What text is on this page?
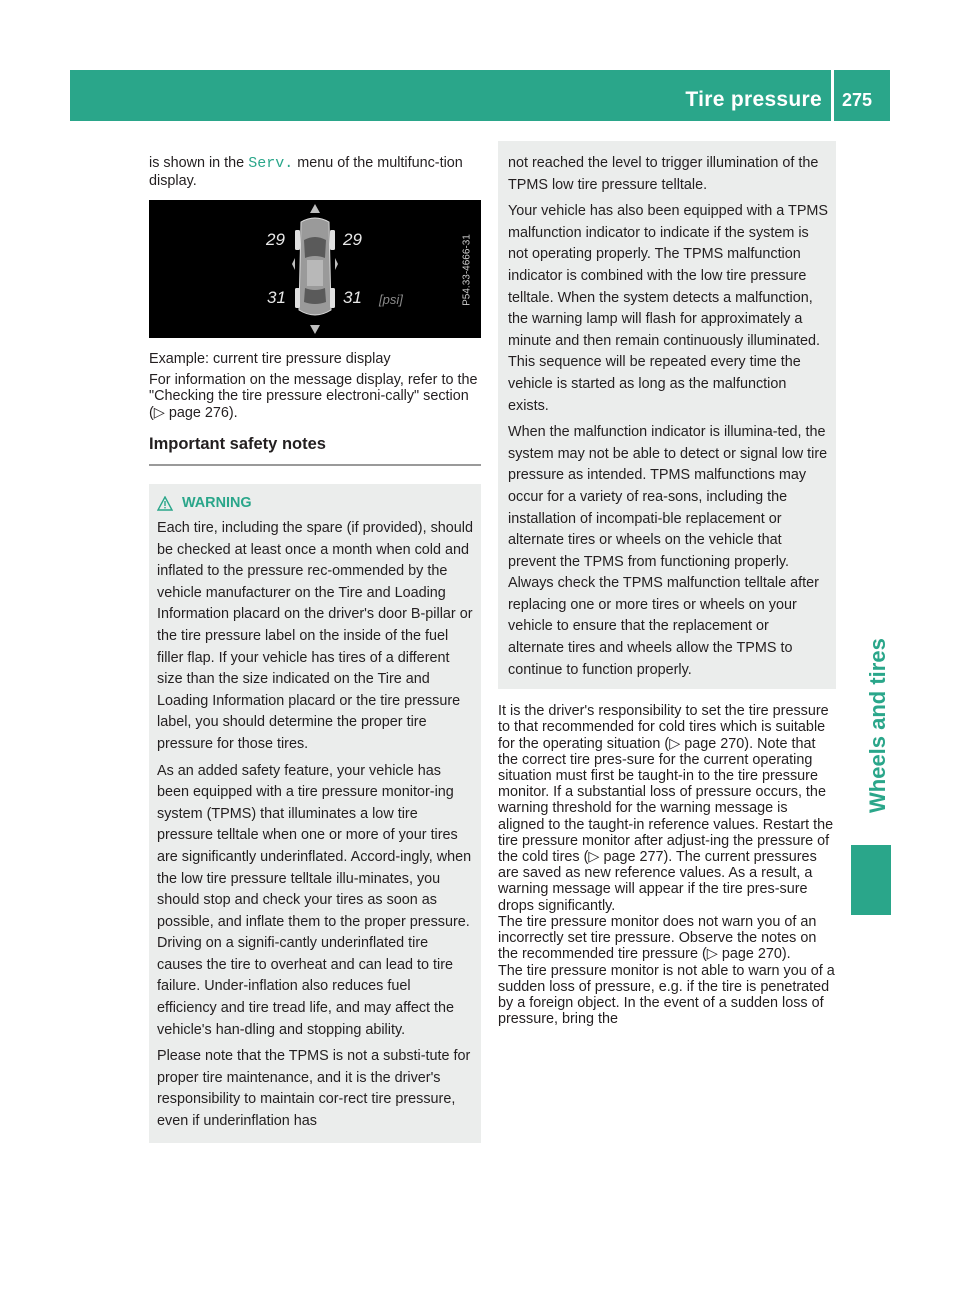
Tire pressure 275
Wheels and tires

is shown in the Serv. menu of the multifunc-tion display.

29	29
31	31 [psi]	P54.33-4666-31

Example: current tire pressure display

For information on the message display, refer to the "Checking the tire pressure electroni-cally" section (▷ page 276).

Important safety notes
WARNING

Each tire, including the spare (if provided), should be checked at least once a month when cold and inflated to the pressure rec-ommended by the vehicle manufacturer on the Tire and Loading Information placard on the driver's door B-pillar or the tire pressure label on the inside of the fuel filler flap. If your vehicle has tires of a different size than the size indicated on the Tire and Loading Information placard or the tire pressure label, you should determine the proper tire pressure for those tires.

As an added safety feature, your vehicle has been equipped with a tire pressure monitor-ing system (TPMS) that illuminates a low tire pressure telltale when one or more of your tires are significantly underinflated. Accord-ingly, when the low tire pressure telltale illu-minates, you should stop and check your tires as soon as possible, and inflate them to the proper pressure. Driving on a signifi-cantly underinflated tire causes the tire to overheat and can lead to tire failure. Under-inflation also reduces fuel efficiency and tire tread life, and may affect the vehicle's han-dling and stopping ability.

Please note that the TPMS is not a substi-tute for proper tire maintenance, and it is the driver's responsibility to maintain cor-rect tire pressure, even if underinflation has

not reached the level to trigger illumination of the TPMS low tire pressure telltale.

Your vehicle has also been equipped with a TPMS malfunction indicator to indicate if the system is not operating properly. The TPMS malfunction indicator is combined with the low tire pressure telltale. When the system detects a malfunction, the warning lamp will flash for approximately a minute and then remain continuously illuminated. This sequence will be repeated every time the vehicle is started as long as the malfunction exists.

When the malfunction indicator is illumina-ted, the system may not be able to detect or signal low tire pressure as intended. TPMS malfunctions may occur for a variety of rea-sons, including the installation of incompati-ble replacement or alternate tires or wheels on the vehicle that prevent the TPMS from functioning properly. Always check the TPMS malfunction telltale after replacing one or more tires or wheels on your vehicle to ensure that the replacement or alternate tires and wheels allow the TPMS to continue to function properly.

It is the driver's responsibility to set the tire pressure to that recommended for cold tires which is suitable for the operating situation (▷ page 270). Note that the correct tire pres-sure for the current operating situation must first be taught-in to the tire pressure monitor. If a substantial loss of pressure occurs, the warning threshold for the warning message is aligned to the taught-in reference values. Restart the tire pressure monitor after adjust-ing the pressure of the cold tires (▷ page 277). The current pressures are saved as new reference values. As a result, a warning message will appear if the tire pres-sure drops significantly.

The tire pressure monitor does not warn you of an incorrectly set tire pressure. Observe the notes on the recommended tire pressure (▷ page 270).

The tire pressure monitor is not able to warn you of a sudden loss of pressure, e.g. if the tire is penetrated by a foreign object. In the event of a sudden loss of pressure, bring the
